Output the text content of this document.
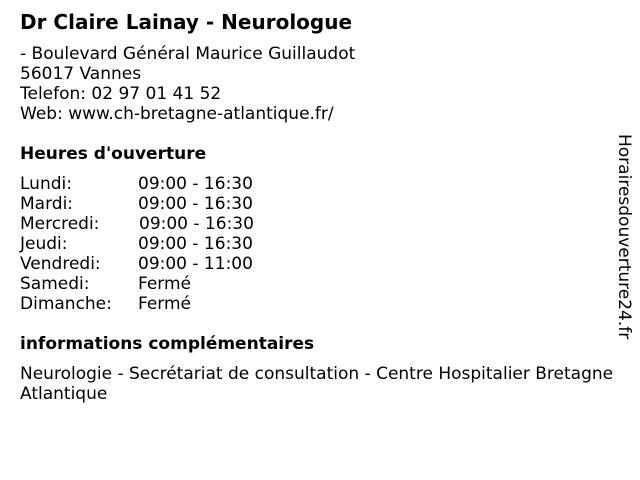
Dr Claire Lainay - Neurologue
- Boulevard Général Maurice Guillaudot
56017 Vannes
Telefon: 02 97 01 41 52
Web: www.ch-bretagne-atlantique.fr/
Heures d'ouverture
Lundi:	09:00 - 16:30
Mardi:	09:00 - 16:30
Mercredi: 09:00 - 16:30
Jeudi:	09:00 - 16:30
Vendredi: 09:00 - 11:00
Samedi:	Fermé
Dimanche: Fermé
informations complémentaires
Neurologie - Secrétariat de consultation - Centre Hospitalier Bretagne Atlantique
Horairesdouverture24.fr
